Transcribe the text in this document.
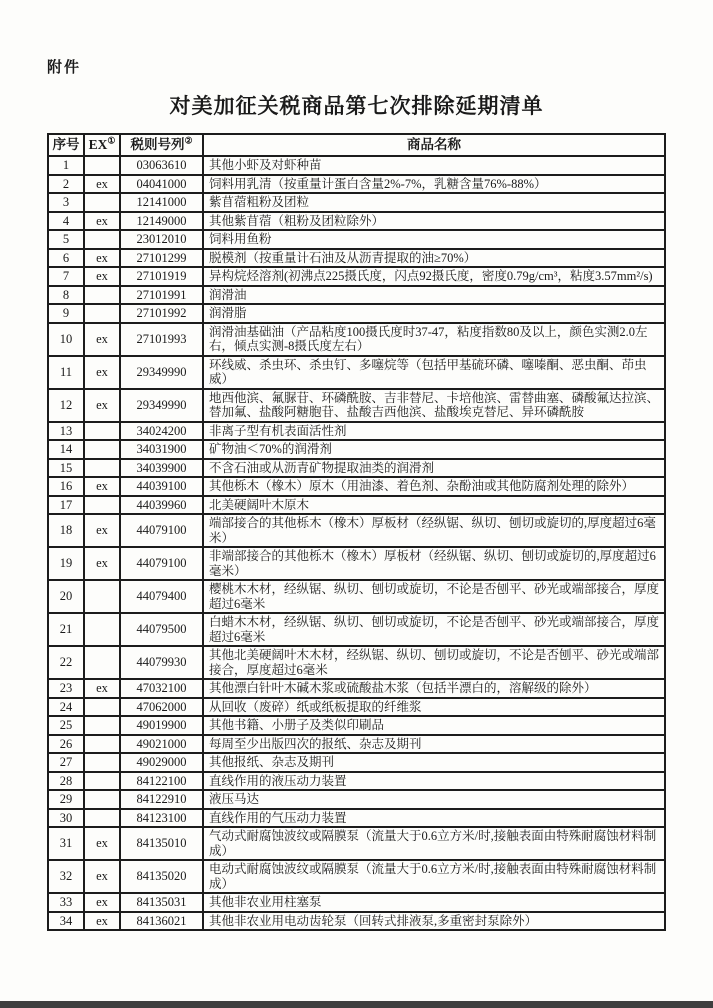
附件
对美加征关税商品第七次排除延期清单
序号	EX①	税则号列②	商品名称
1		03063610	其他小虾及对虾种苗
2	ex	04041000	饲料用乳清（按重量计蛋白含量2%-7%，乳糖含量76%-88%）
3		12141000	紫苜蓿粗粉及团粒
4	ex	12149000	其他紫苜蓿（粗粉及团粒除外）
5		23012010	饲料用鱼粉
6	ex	27101299	脱模剂（按重量计石油及从沥青提取的油≥70%）
7	ex	27101919	异构烷烃溶剂(初沸点225摄氏度，闪点92摄氏度，密度0.79g/cm³，粘度3.57mm²/s)
8		27101991	润滑油
9		27101992	润滑脂
10	ex	27101993	润滑油基础油（产品粘度100摄氏度时37-47，粘度指数80及以上，颜色实测2.0左右，倾点实测-8摄氏度左右）
11	ex	29349990	环线威、杀虫环、杀虫钉、多噻烷等（包括甲基硫环磷、噻嗪酮、恶虫酮、茚虫威）
12	ex	29349990	地西他滨、氟脲苷、环磷酰胺、吉非替尼、卡培他滨、雷替曲塞、磷酸氟达拉滨、替加氟、盐酸阿糖胞苷、盐酸吉西他滨、盐酸埃克替尼、异环磷酰胺
13		34024200	非离子型有机表面活性剂
14		34031900	矿物油＜70%的润滑剂
15		34039900	不含石油或从沥青矿物提取油类的润滑剂
16	ex	44039100	其他栎木（橡木）原木（用油漆、着色剂、杂酚油或其他防腐剂处理的除外）
17		44039960	北美硬阔叶木原木
18	ex	44079100	端部接合的其他栎木（橡木）厚板材（经纵锯、纵切、刨切或旋切的,厚度超过6毫米）
19	ex	44079100	非端部接合的其他栎木（橡木）厚板材（经纵锯、纵切、刨切或旋切的,厚度超过6毫米）
20		44079400	樱桃木木材，经纵锯、纵切、刨切或旋切，不论是否刨平、砂光或端部接合，厚度超过6毫米
21		44079500	白蜡木木材，经纵锯、纵切、刨切或旋切，不论是否刨平、砂光或端部接合，厚度超过6毫米
22		44079930	其他北美硬阔叶木木材，经纵锯、纵切、刨切或旋切，不论是否刨平、砂光或端部接合，厚度超过6毫米
23	ex	47032100	其他漂白针叶木碱木浆或硫酸盐木浆（包括半漂白的，溶解级的除外）
24		47062000	从回收（废碎）纸或纸板提取的纤维浆
25		49019900	其他书籍、小册子及类似印刷品
26		49021000	每周至少出版四次的报纸、杂志及期刊
27		49029000	其他报纸、杂志及期刊
28		84122100	直线作用的液压动力装置
29		84122910	液压马达
30		84123100	直线作用的气压动力装置
31	ex	84135010	气动式耐腐蚀波纹或隔膜泵（流量大于0.6立方米/时,接触表面由特殊耐腐蚀材料制成）
32	ex	84135020	电动式耐腐蚀波纹或隔膜泵（流量大于0.6立方米/时,接触表面由特殊耐腐蚀材料制成）
33	ex	84135031	其他非农业用柱塞泵
34	ex	84136021	其他非农业用电动齿轮泵（回转式排液泵,多重密封泵除外）
